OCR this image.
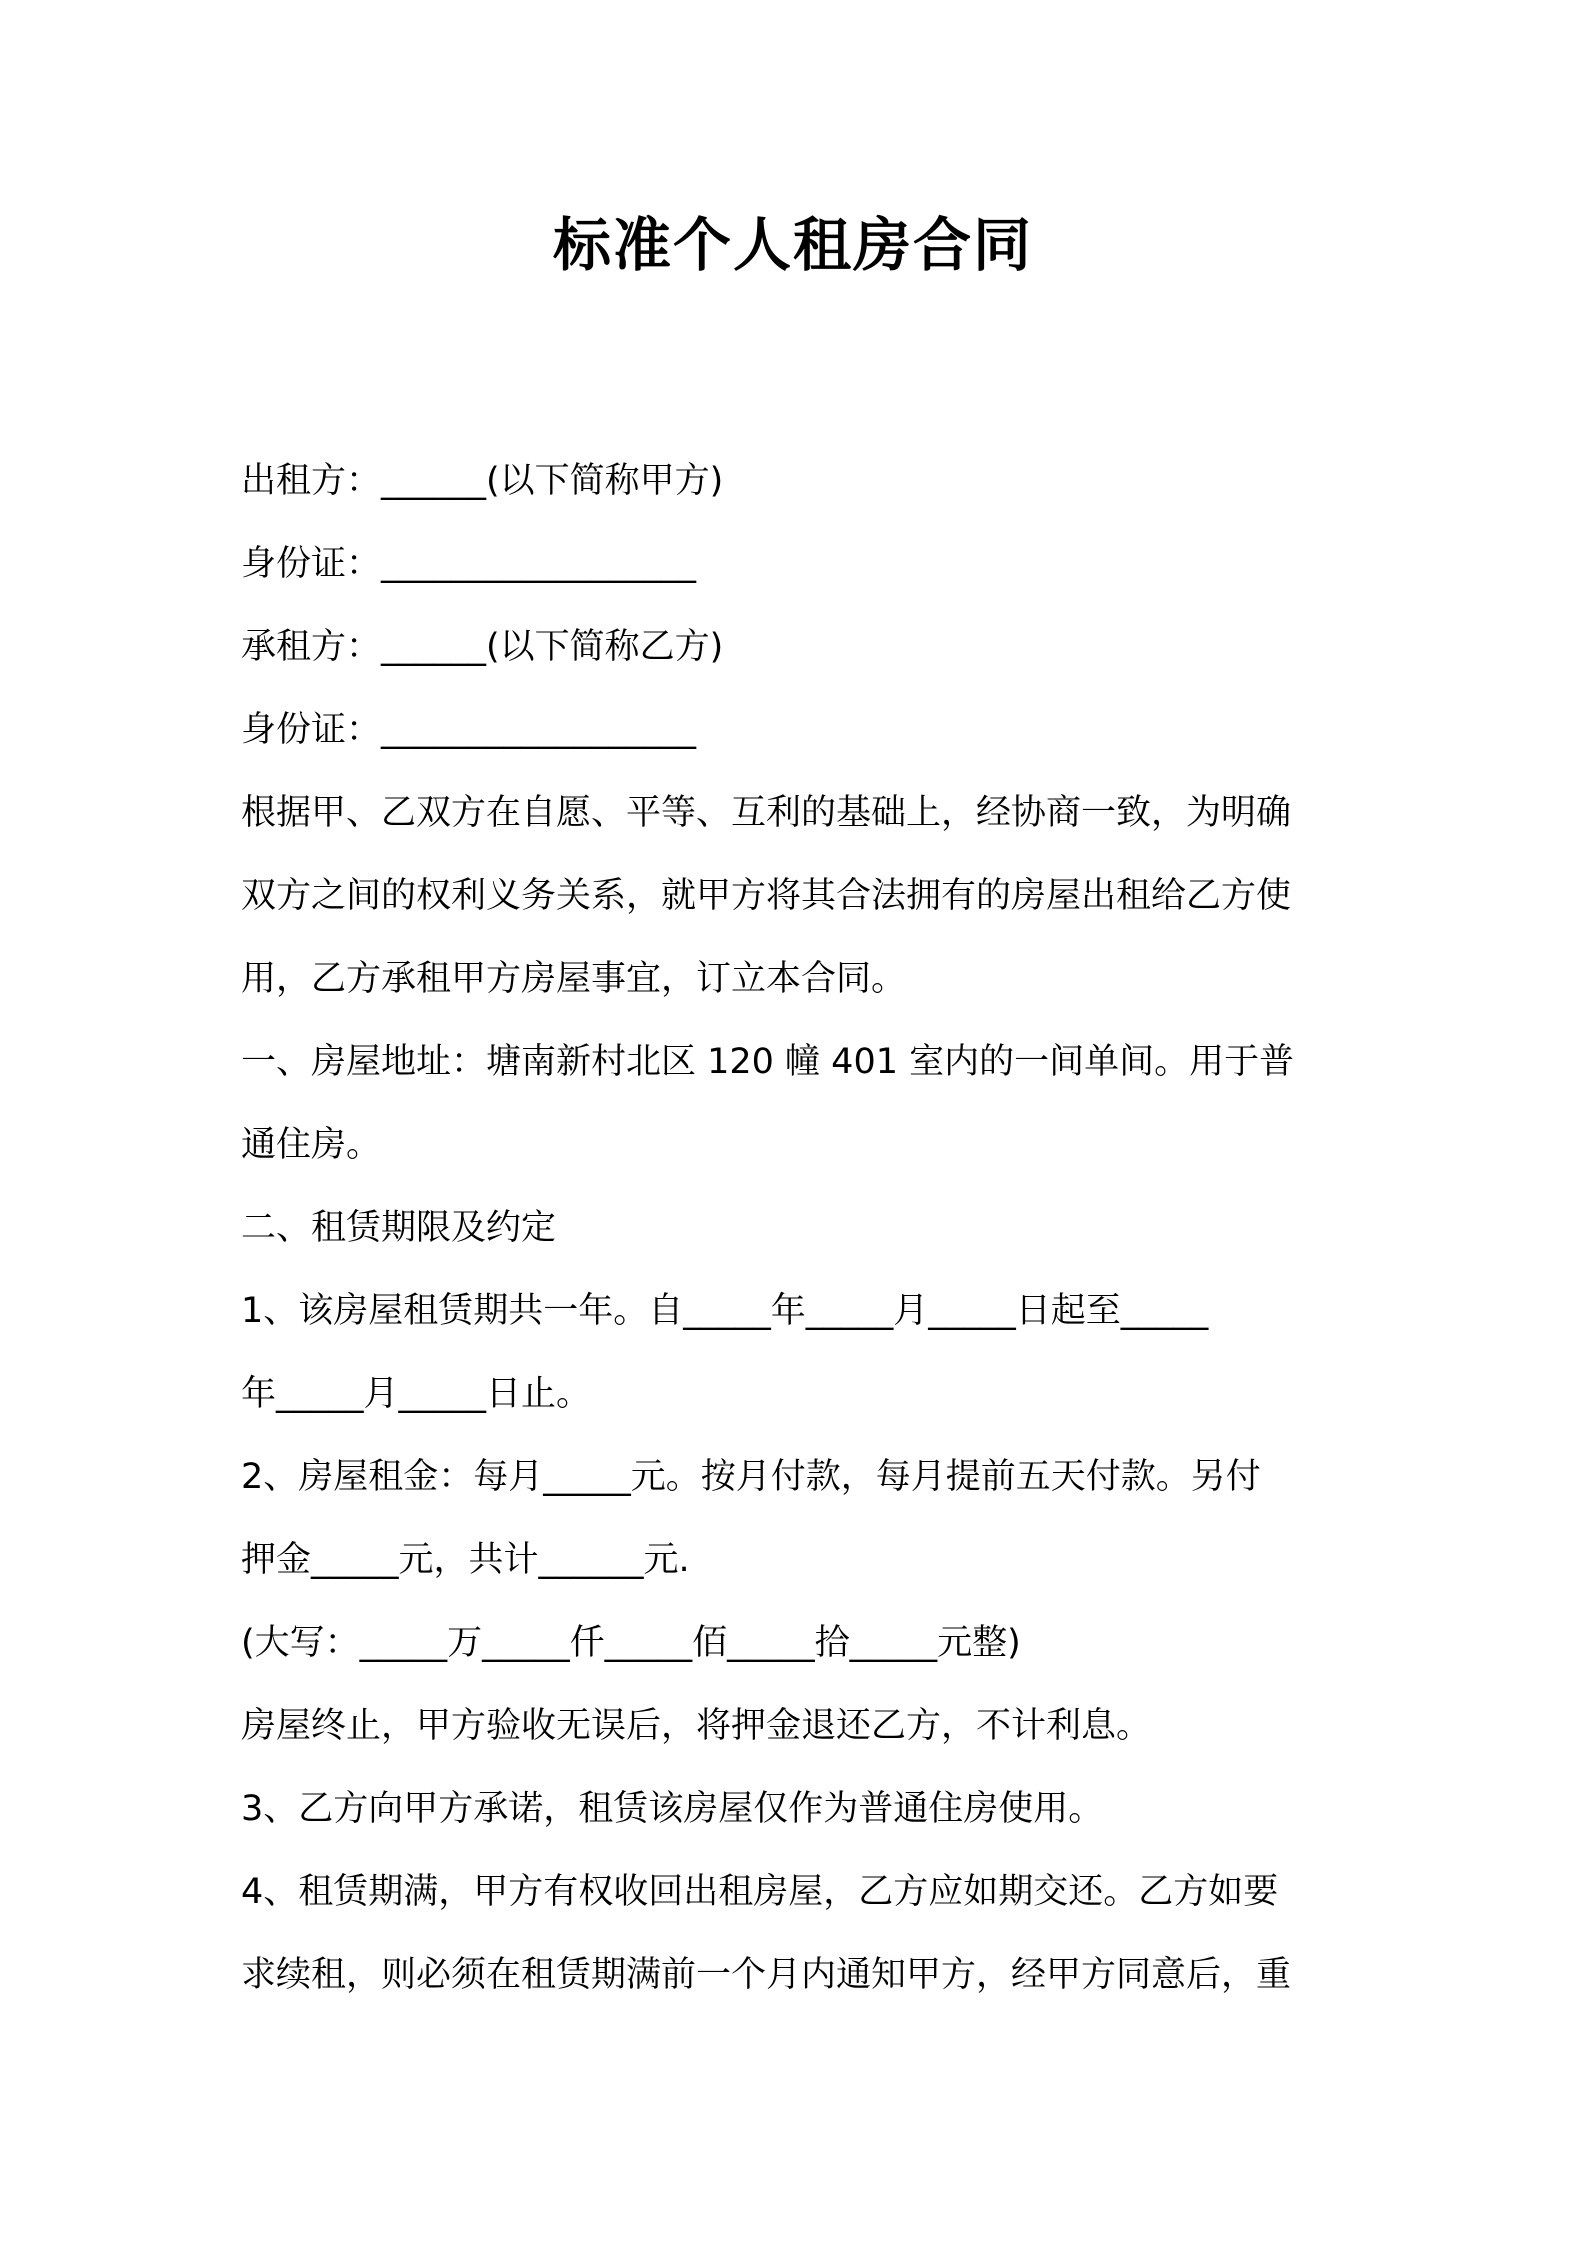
标准个人租房合同
出租方：______(以下简称甲方)
身份证：__________________
承租方：______(以下简称乙方)
身份证：__________________
根据甲、乙双方在自愿、平等、互利的基础上，经协商一致，为明确
双方之间的权利义务关系，就甲方将其合法拥有的房屋出租给乙方使
用，乙方承租甲方房屋事宜，订立本合同。
一、房屋地址：塘南新村北区 120 幢 401 室内的一间单间。用于普
通住房。
二、租赁期限及约定
1、该房屋租赁期共一年。自_____年_____月_____日起至_____
年_____月_____日止。
2、房屋租金：每月_____元。按月付款，每月提前五天付款。另付
押金_____元，共计______元.
(大写：_____万_____仟_____佰_____拾_____元整)
房屋终止，甲方验收无误后，将押金退还乙方，不计利息。
3、乙方向甲方承诺，租赁该房屋仅作为普通住房使用。
4、租赁期满，甲方有权收回出租房屋，乙方应如期交还。乙方如要
求续租，则必须在租赁期满前一个月内通知甲方，经甲方同意后，重
